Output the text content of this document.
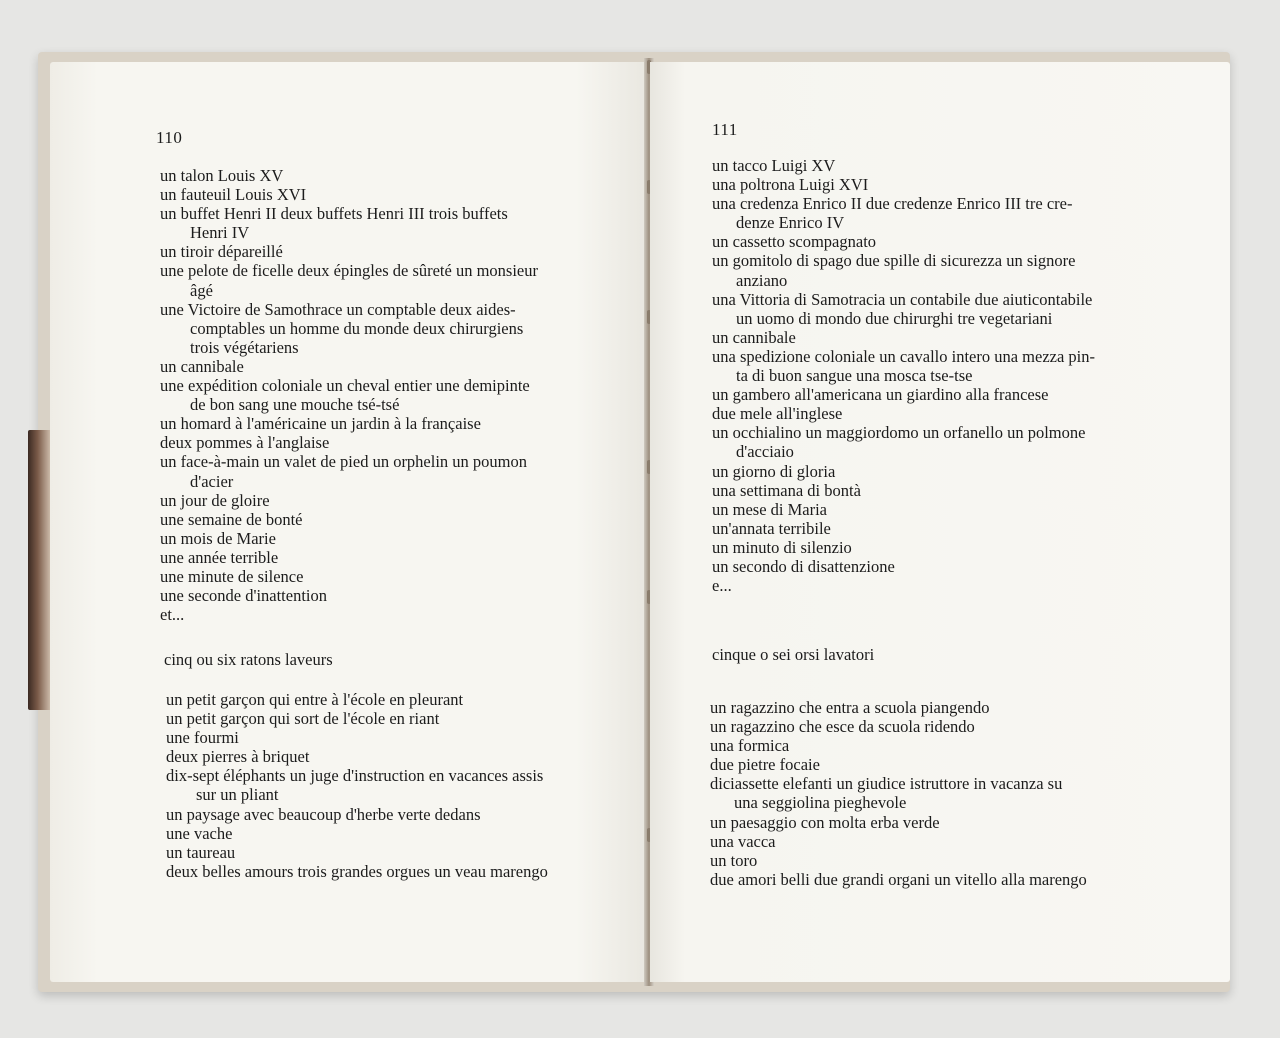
110
un talon Louis XV
un fauteuil Louis XVI
un buffet Henri II deux buffets Henri III trois buffets
Henri IV
un tiroir dépareillé
une pelote de ficelle deux épingles de sûreté un monsieur
âgé
une Victoire de Samothrace un comptable deux aides-
comptables un homme du monde deux chirurgiens
trois végétariens
un cannibale
une expédition coloniale un cheval entier une demipinte
de bon sang une mouche tsé-tsé
un homard à l'américaine un jardin à la française
deux pommes à l'anglaise
un face-à-main un valet de pied un orphelin un poumon
d'acier
un jour de gloire
une semaine de bonté
un mois de Marie
une année terrible
une minute de silence
une seconde d'inattention
et...
cinq ou six ratons laveurs
un petit garçon qui entre à l'école en pleurant
un petit garçon qui sort de l'école en riant
une fourmi
deux pierres à briquet
dix-sept éléphants un juge d'instruction en vacances assis
sur un pliant
un paysage avec beaucoup d'herbe verte dedans
une vache
un taureau
deux belles amours trois grandes orgues un veau marengo
111
un tacco Luigi XV
una poltrona Luigi XVI
una credenza Enrico II due credenze Enrico III tre cre-
denze Enrico IV
un cassetto scompagnato
un gomitolo di spago due spille di sicurezza un signore
anziano
una Vittoria di Samotracia un contabile due aiuticontabile
un uomo di mondo due chirurghi tre vegetariani
un cannibale
una spedizione coloniale un cavallo intero una mezza pin-
ta di buon sangue una mosca tse-tse
un gambero all'americana un giardino alla francese
due mele all'inglese
un occhialino un maggiordomo un orfanello un polmone
d'acciaio
un giorno di gloria
una settimana di bontà
un mese di Maria
un'annata terribile
un minuto di silenzio
un secondo di disattenzione
e...
cinque o sei orsi lavatori
un ragazzino che entra a scuola piangendo
un ragazzino che esce da scuola ridendo
una formica
due pietre focaie
diciassette elefanti un giudice istruttore in vacanza su
una seggiolina pieghevole
un paesaggio con molta erba verde
una vacca
un toro
due amori belli due grandi organi un vitello alla marengo
